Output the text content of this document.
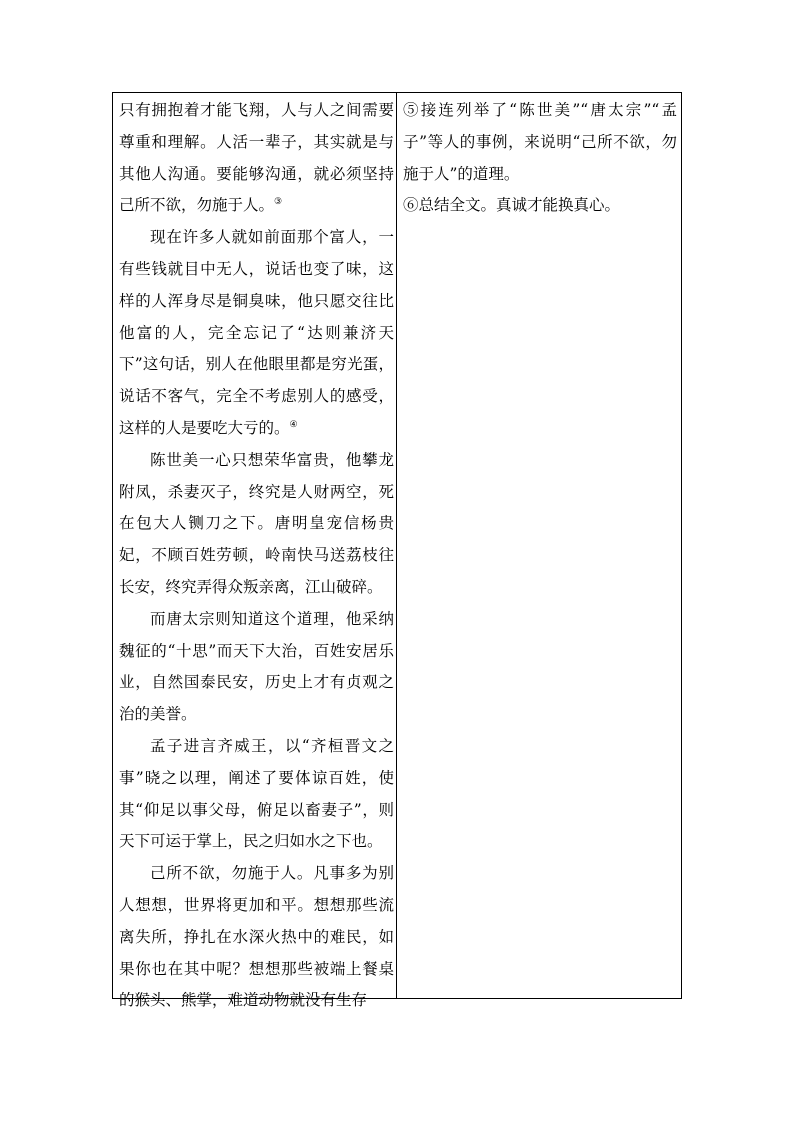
只有拥抱着才能飞翔，人与人之间需要尊重和理解。人活一辈子，其实就是与其他人沟通。要能够沟通，就必须坚持己所不欲，勿施于人。③

现在许多人就如前面那个富人，一有些钱就目中无人，说话也变了味，这样的人浑身尽是铜臭味，他只愿交往比他富的人，完全忘记了“达则兼济天下”这句话，别人在他眼里都是穷光蛋，说话不客气，完全不考虑别人的感受，这样的人是要吃大亏的。④

陈世美一心只想荣华富贵，他攀龙附凤，杀妻灭子，终究是人财两空，死在包大人铡刀之下。唐明皇宠信杨贵妃，不顾百姓劳顿，岭南快马送荔枝往长安，终究弄得众叛亲离，江山破碎。

而唐太宗则知道这个道理，他采纳魏征的“十思”而天下大治，百姓安居乐业，自然国泰民安，历史上才有贞观之治的美誉。

孟子进言齐威王，以“齐桓晋文之事”晓之以理，阐述了要体谅百姓，使其“仰足以事父母，俯足以畜妻子”，则天下可运于掌上，民之归如水之下也。

己所不欲，勿施于人。凡事多为别人想想，世界将更加和平。想想那些流离失所，挣扎在水深火热中的难民，如果你也在其中呢？想想那些被端上餐桌的猴头、熊掌，难道动物就没有生存

⑤接连列举了“陈世美”“唐太宗”“孟子”等人的事例，来说明“己所不欲，勿施于人”的道理。

⑥总结全文。真诚才能换真心。
